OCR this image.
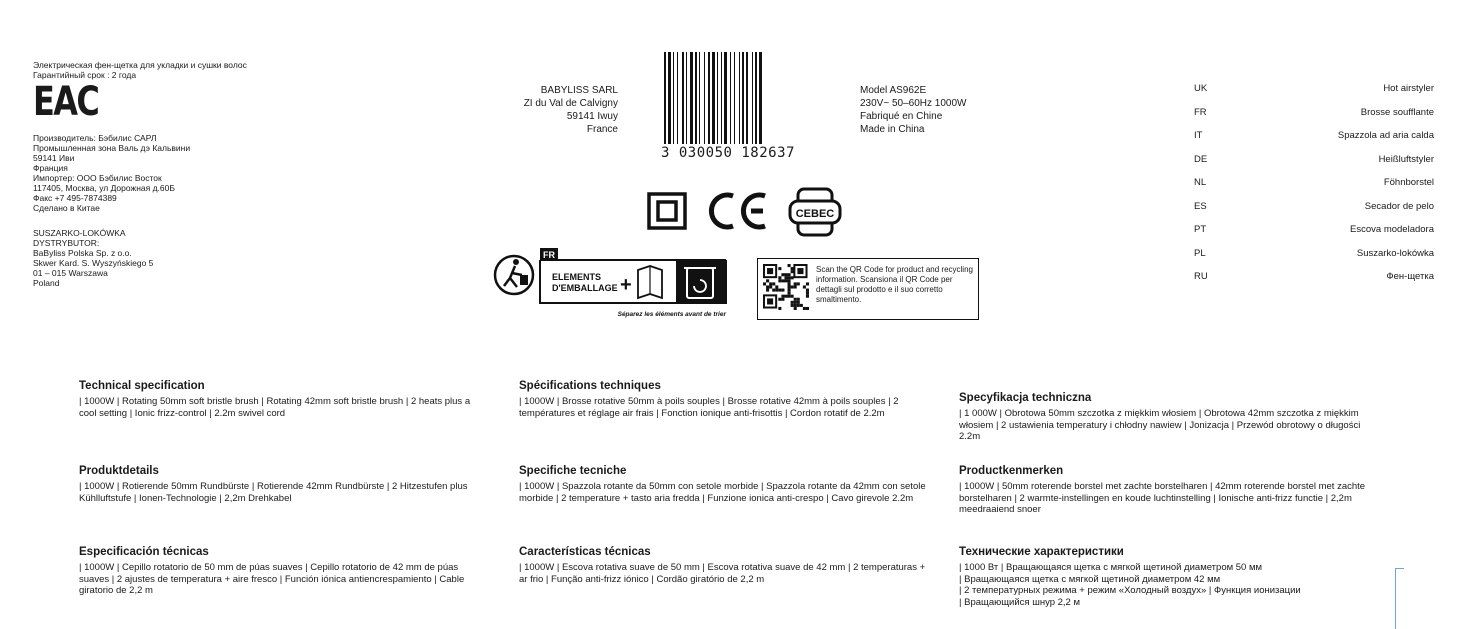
Электрическая фен-щетка для укладки и сушки волос
Гарантийный срок : 2 года
EAC
Производитель: Бэбилис САРЛ
Промышленная зона Валь дэ Кальвини
59141 Иви
Франция
Импортер: ООО Бэбилис Восток
117405, Москва, ул Дорожная д.60Б
Факс +7 495-7874389
Сделано в Китае
SUSZARKO-LOKÓWKA
DYSTRYBUTOR:
BaByliss Polska Sp. z o.o.
Skwer Kard. S. Wyszyńskiego 5
01 – 015 Warszawa
Poland
BABYLISS SARL
ZI du Val de Calvigny
59141 Iwuy
France
3 030050 182637
Model AS962E
230V~ 50–60Hz 1000W
Fabriqué en Chine
Made in China
CEBEC
FR
ELEMENTS
D'EMBALLAGE +
Séparez les éléments avant de trier
Scan the QR Code for product and recycling information. Scansiona il QR Code per dettagli sul prodotto e il suo corretto smaltimento.
UK	Hot airstyler
FR	Brosse soufflante
IT	Spazzola ad aria calda
DE	Heißluftstyler
NL	Föhnborstel
ES	Secador de pelo
PT	Escova modeladora
PL	Suszarko-lokówka
RU	Фен-щетка
Technical specification

| 1000W | Rotating 50mm soft bristle brush | Rotating 42mm soft bristle brush | 2 heats plus a cool setting | Ionic frizz-control | 2.2m swivel cord

Produktdetails

| 1000W | Rotierende 50mm Rundbürste | Rotierende 42mm Rundbürste | 2 Hitzestufen plus Kühlluftstufe | Ionen-Technologie | 2,2m Drehkabel

Especificación técnicas

| 1000W | Cepillo rotatorio de 50 mm de púas suaves | Cepillo rotatorio de 42 mm de púas suaves | 2 ajustes de temperatura + aire fresco | Función iónica antiencrespamiento | Cable giratorio de 2,2 m

Spécifications techniques

| 1000W | Brosse rotative 50mm à poils souples | Brosse rotative 42mm à poils souples | 2 températures et réglage air frais | Fonction ionique anti-frisottis | Cordon rotatif de 2.2m

Specifiche tecniche

| 1000W | Spazzola rotante da 50mm con setole morbide | Spazzola rotante da 42mm con setole morbide | 2 temperature + tasto aria fredda | Funzione ionica anti-crespo | Cavo girevole 2.2m

Características técnicas

| 1000W | Escova rotativa suave de 50 mm | Escova rotativa suave de 42 mm | 2 temperaturas + ar frio | Função anti-frizz iónico | Cordão giratório de 2,2 m

Specyfikacja techniczna

| 1 000W | Obrotowa 50mm szczotka z miękkim włosiem | Obrotowa 42mm szczotka z miękkim włosiem | 2 ustawienia temperatury i chłodny nawiew | Jonizacja | Przewód obrotowy o długości 2.2m

Productkenmerken

| 1000W | 50mm roterende borstel met zachte borstelharen | 42mm roterende borstel met zachte borstelharen | 2 warmte-instellingen en koude luchtinstelling | Ionische anti-frizz functie | 2,2m meedraaiend snoer

Технические характеристики

| 1000 Вт | Вращающаяся щетка с мягкой щетиной диаметром 50 мм

| Вращающаяся щетка с мягкой щетиной диаметром 42 мм

| 2 температурных режима + режим «Холодный воздух» | Функция ионизации

| Вращающийся шнур 2,2 м
